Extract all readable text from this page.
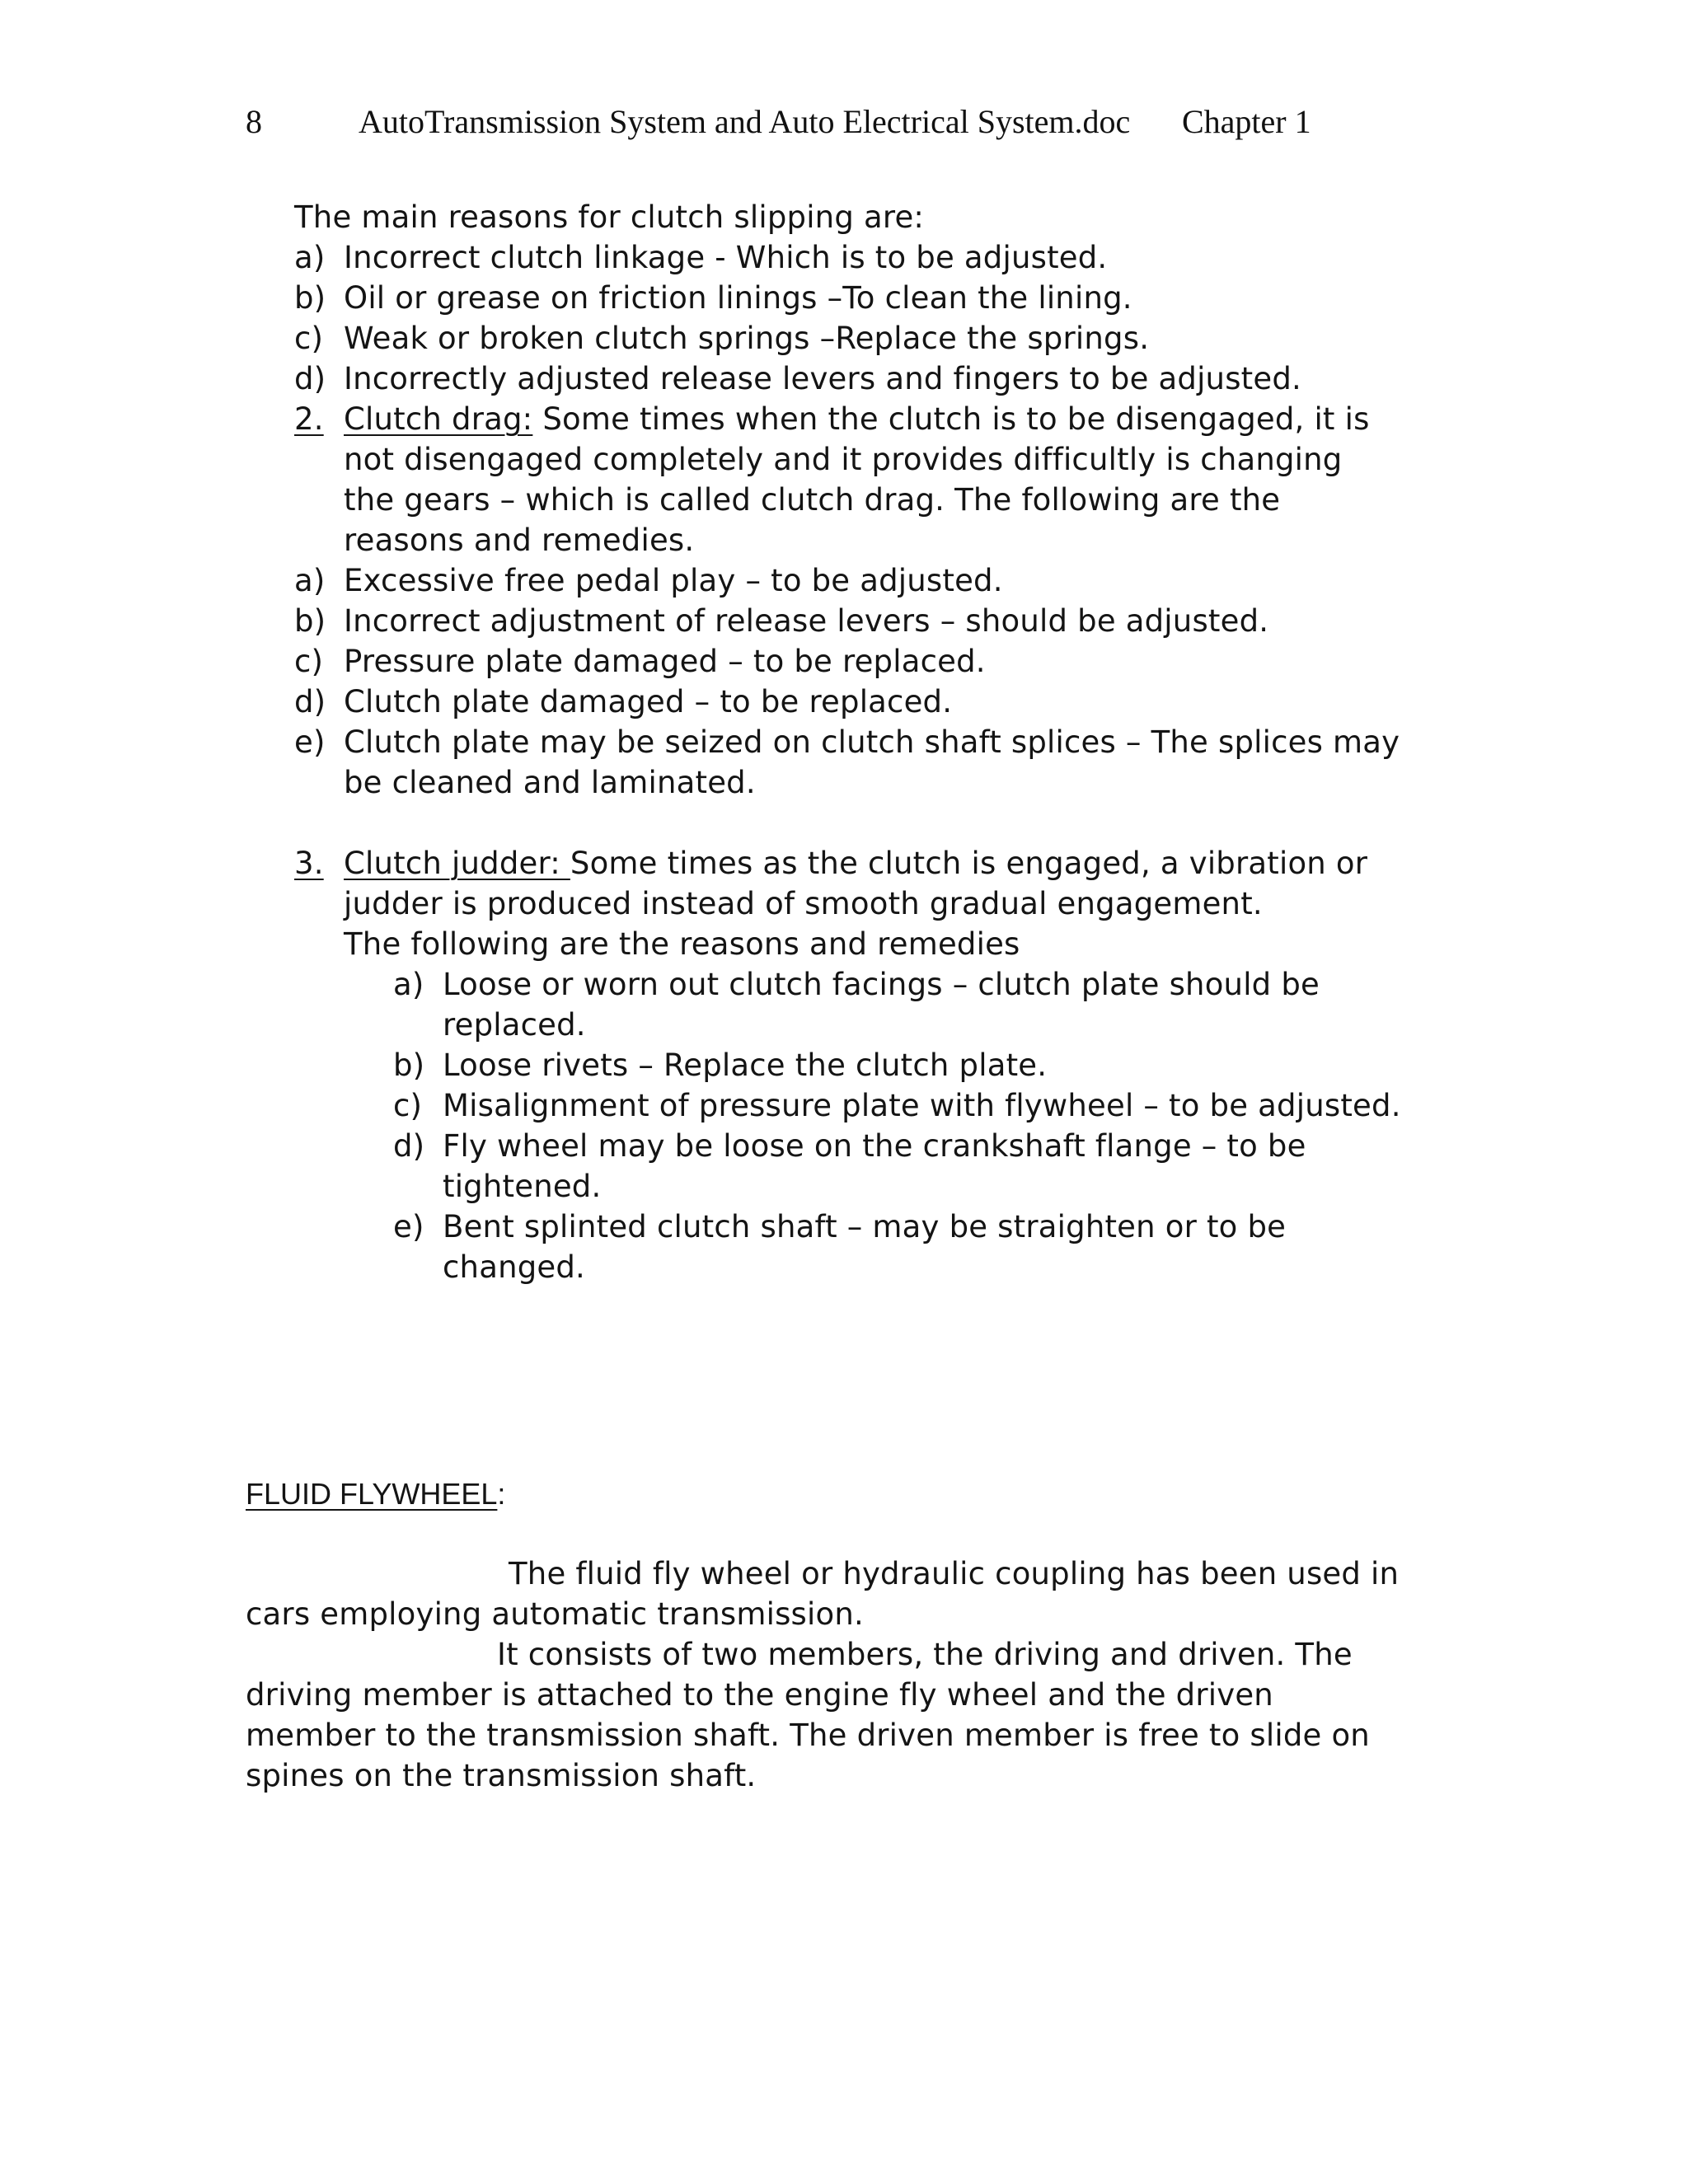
8	AutoTransmission System and Auto Electrical System.doc Chapter 1
The main reasons for clutch slipping are:
a) Incorrect clutch linkage - Which is to be adjusted.
b) Oil or grease on friction linings –To clean the lining.
c) Weak or broken clutch springs –Replace the springs.
d) Incorrectly adjusted release levers and fingers to be adjusted.
2. Clutch drag: Some times when the clutch is to be disengaged, it is
not disengaged completely and it provides difficultly is changing
the gears – which is called clutch drag. The following are the
reasons and remedies.
a) Excessive free pedal play – to be adjusted.
b) Incorrect adjustment of release levers – should be adjusted.
c) Pressure plate damaged – to be replaced.
d) Clutch plate damaged – to be replaced.
e) Clutch plate may be seized on clutch shaft splices – The splices may
be cleaned and laminated.
3. Clutch judder: Some times as the clutch is engaged, a vibration or
judder is produced instead of smooth gradual engagement.
The following are the reasons and remedies
a) Loose or worn out clutch facings – clutch plate should be
replaced.
b) Loose rivets – Replace the clutch plate.
c) Misalignment of pressure plate with flywheel – to be adjusted.
d) Fly wheel may be loose on the crankshaft flange – to be
tightened.
e) Bent splinted clutch shaft – may be straighten or to be
changed.
FLUID FLYWHEEL:
The fluid fly wheel or hydraulic coupling has been used in
cars employing automatic transmission.
It consists of two members, the driving and driven. The
driving member is attached to the engine fly wheel and the driven
member to the transmission shaft. The driven member is free to slide on
spines on the transmission shaft.
